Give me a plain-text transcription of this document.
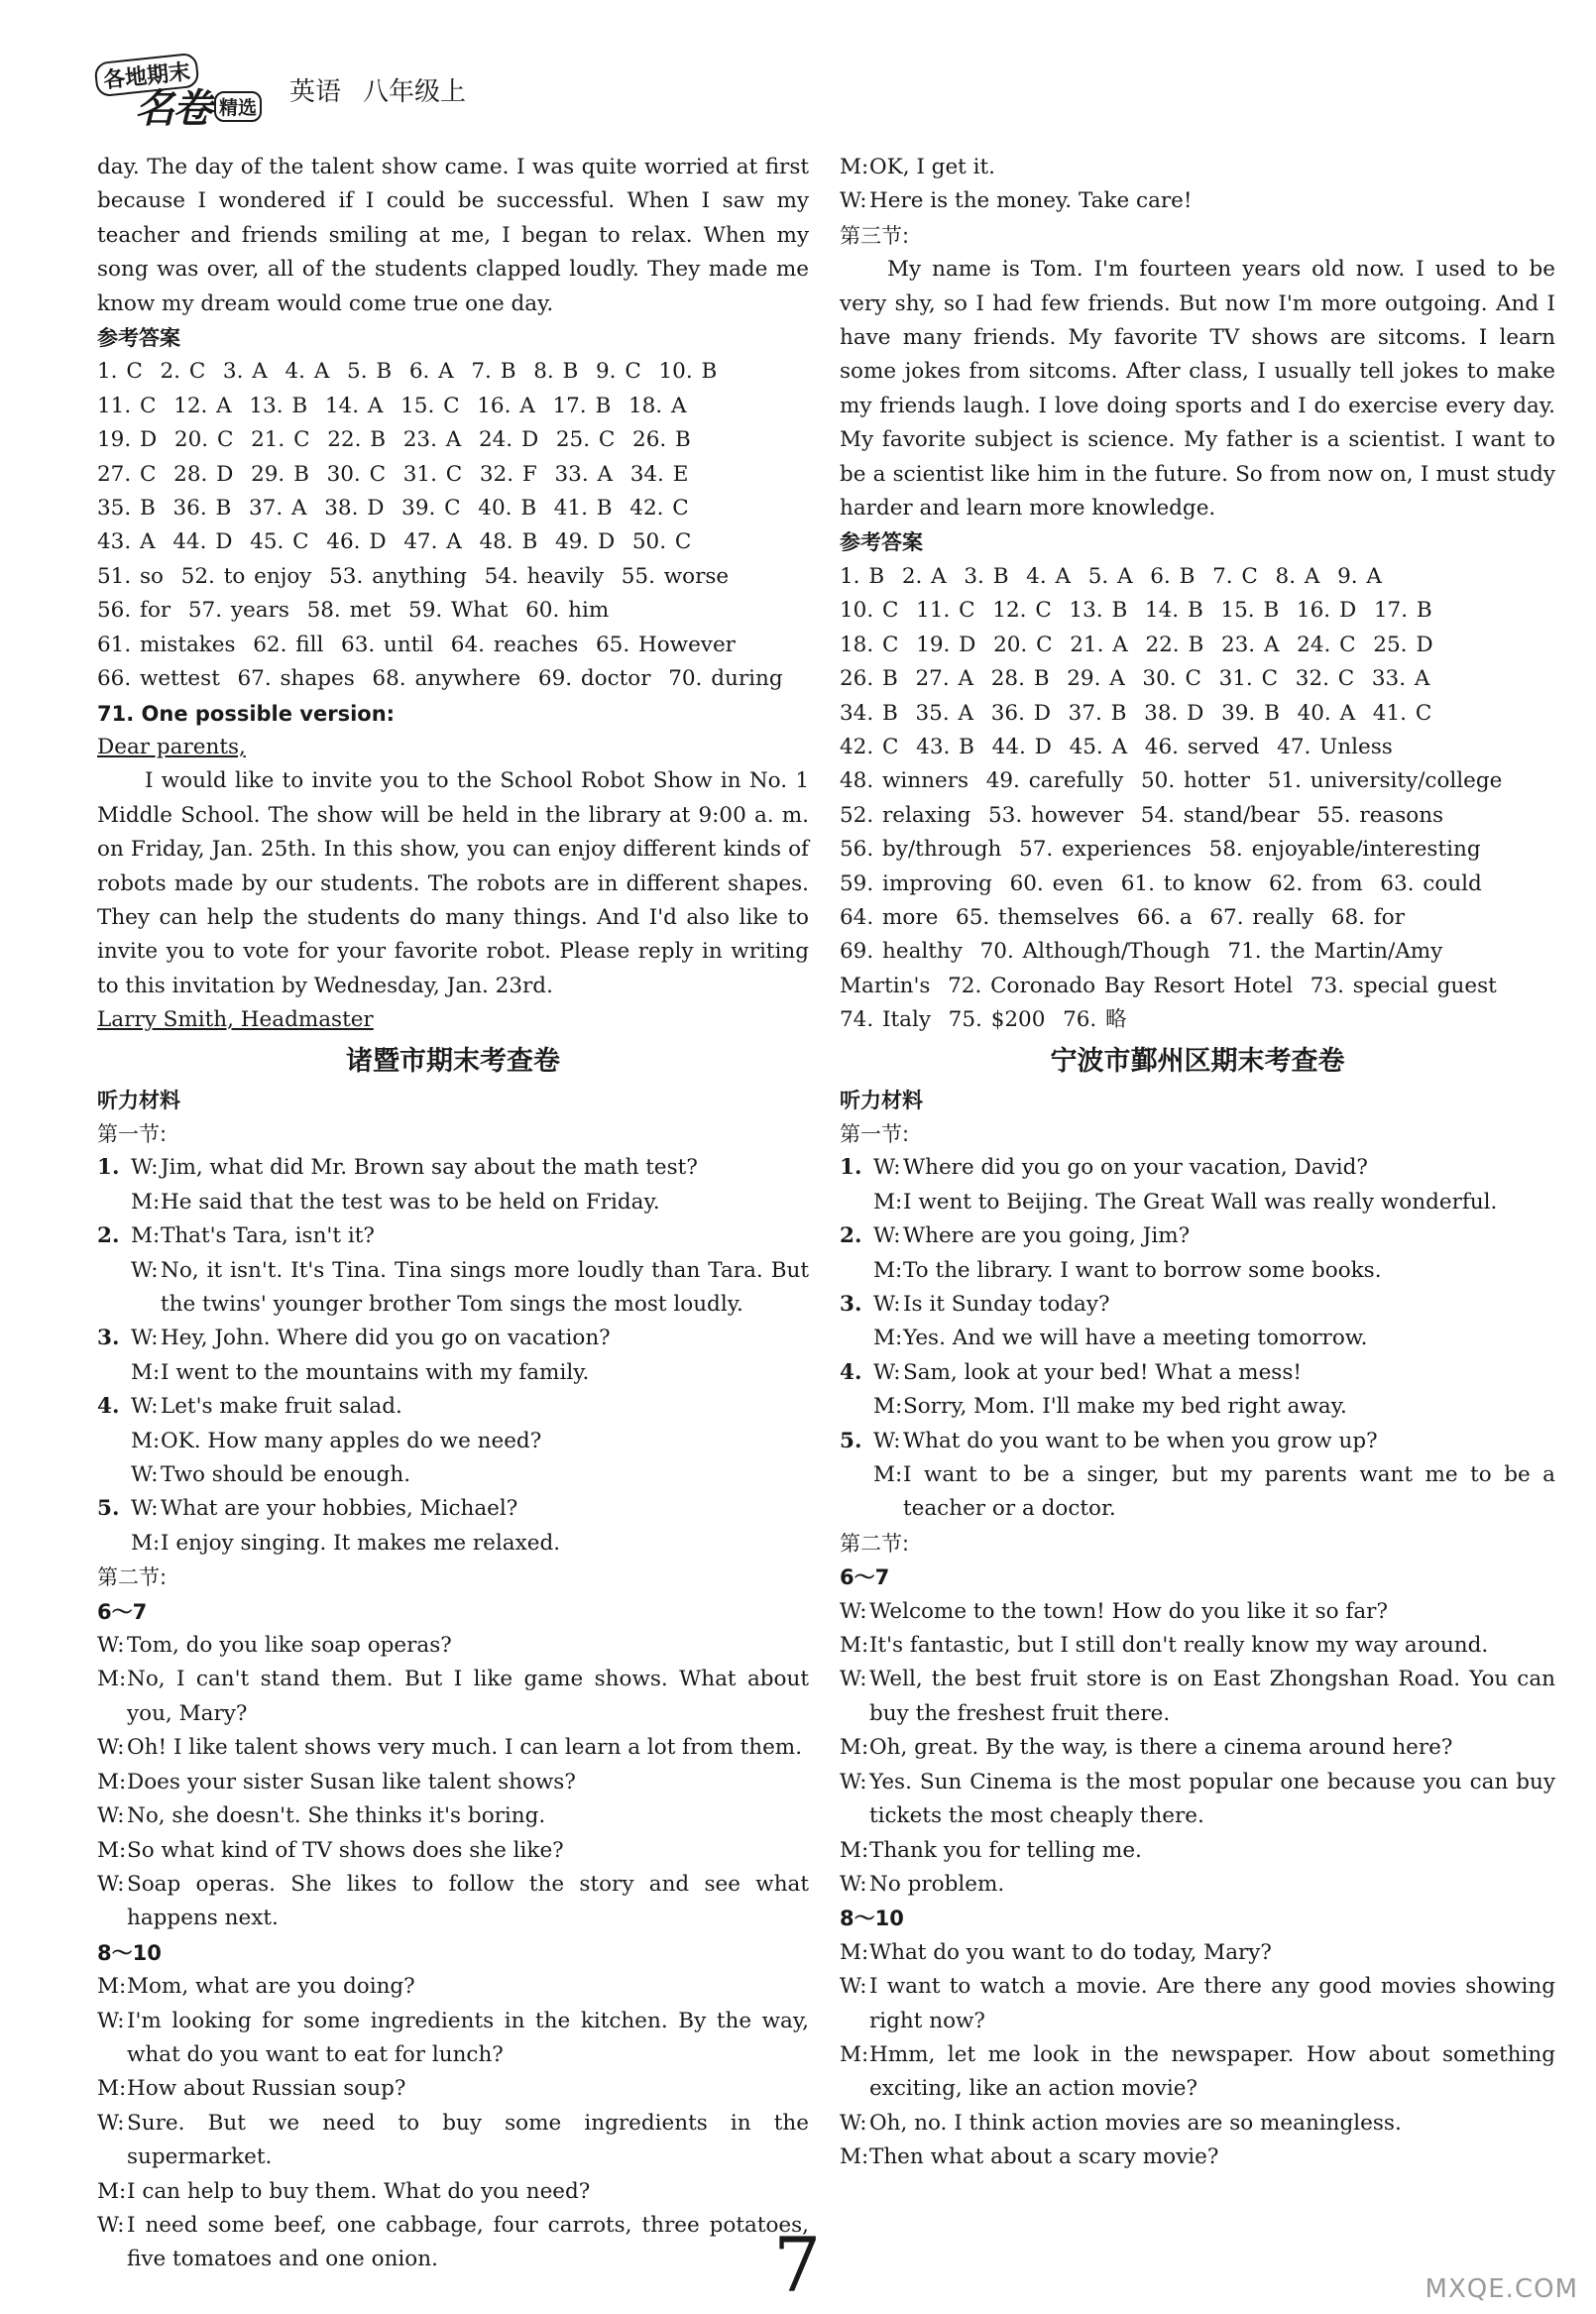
各地期末
名卷 精选
英语 八年级上

day. The day of the talent show came. I was quite worried at first because I wondered if I could be successful. When I saw my teacher and friends smiling at me, I began to relax. When my song was over, all of the students clapped loudly. They made me know my dream would come true one day.

参考答案
1. C  2. C  3. A  4. A  5. B  6. A  7. B  8. B  9. C  10. B
11. C  12. A  13. B  14. A  15. C  16. A  17. B  18. A
19. D  20. C  21. C  22. B  23. A  24. D  25. C  26. B
27. C  28. D  29. B  30. C  31. C  32. F  33. A  34. E
35. B  36. B  37. A  38. D  39. C  40. B  41. B  42. C
43. A  44. D  45. C  46. D  47. A  48. B  49. D  50. C
51. so  52. to enjoy  53. anything  54. heavily  55. worse
56. for  57. years  58. met  59. What  60. him
61. mistakes  62. fill  63. until  64. reaches  65. However
66. wettest  67. shapes  68. anywhere  69. doctor  70. during
71. One possible version:
Dear parents,

I would like to invite you to the School Robot Show in No. 1 Middle School. The show will be held in the library at 9:00 a. m. on Friday, Jan. 25th. In this show, you can enjoy different kinds of robots made by our students. The robots are in different shapes. They can help the students do many things. And I'd also like to invite you to vote for your favorite robot. Please reply in writing to this invitation by Wednesday, Jan. 23rd.

Larry Smith, Headmaster
诸暨市期末考查卷
听力材料
第一节:
1. W: Jim, what did Mr. Brown say about the math test?
M: He said that the test was to be held on Friday.
2. M: That's Tara, isn't it?
W: No, it isn't. It's Tina. Tina sings more loudly than Tara. But the twins' younger brother Tom sings the most loudly.
3. W: Hey, John. Where did you go on vacation?
M: I went to the mountains with my family.
4. W: Let's make fruit salad.
M: OK. How many apples do we need?
W: Two should be enough.
5. W: What are your hobbies, Michael?
M: I enjoy singing. It makes me relaxed.
第二节:
6～7
W: Tom, do you like soap operas?
M: No, I can't stand them. But I like game shows. What about you, Mary?
W: Oh! I like talent shows very much. I can learn a lot from them.
M: Does your sister Susan like talent shows?
W: No, she doesn't. She thinks it's boring.
M: So what kind of TV shows does she like?
W: Soap operas. She likes to follow the story and see what happens next.
8～10
M: Mom, what are you doing?
W: I'm looking for some ingredients in the kitchen. By the way, what do you want to eat for lunch?
M: How about Russian soup?
W: Sure. But we need to buy some ingredients in the supermarket.
M: I can help to buy them. What do you need?
W: I need some beef, one cabbage, four carrots, three potatoes, five tomatoes and one onion.
M: OK, I get it.
W: Here is the money. Take care!
第三节:

My name is Tom. I'm fourteen years old now. I used to be very shy, so I had few friends. But now I'm more outgoing. And I have many friends. My favorite TV shows are sitcoms. I learn some jokes from sitcoms. After class, I usually tell jokes to make my friends laugh. I love doing sports and I do exercise every day. My favorite subject is science. My father is a scientist. I want to be a scientist like him in the future. So from now on, I must study harder and learn more knowledge.

参考答案
1. B  2. A  3. B  4. A  5. A  6. B  7. C  8. A  9. A
10. C  11. C  12. C  13. B  14. B  15. B  16. D  17. B
18. C  19. D  20. C  21. A  22. B  23. A  24. C  25. D
26. B  27. A  28. B  29. A  30. C  31. C  32. C  33. A
34. B  35. A  36. D  37. B  38. D  39. B  40. A  41. C
42. C  43. B  44. D  45. A  46. served  47. Unless
48. winners  49. carefully  50. hotter  51. university/college
52. relaxing  53. however  54. stand/bear  55. reasons
56. by/through  57. experiences  58. enjoyable/interesting
59. improving  60. even  61. to know  62. from  63. could
64. more  65. themselves  66. a  67. really  68. for
69. healthy  70. Although/Though  71. the Martin/Amy
Martin's  72. Coronado Bay Resort Hotel  73. special guest
74. Italy  75. $200  76. 略
宁波市鄞州区期末考查卷
听力材料
第一节:
1. W: Where did you go on your vacation, David?
M: I went to Beijing. The Great Wall was really wonderful.
2. W: Where are you going, Jim?
M: To the library. I want to borrow some books.
3. W: Is it Sunday today?
M: Yes. And we will have a meeting tomorrow.
4. W: Sam, look at your bed! What a mess!
M: Sorry, Mom. I'll make my bed right away.
5. W: What do you want to be when you grow up?
M: I want to be a singer, but my parents want me to be a teacher or a doctor.
第二节:
6～7
W: Welcome to the town! How do you like it so far?
M: It's fantastic, but I still don't really know my way around.
W: Well, the best fruit store is on East Zhongshan Road. You can buy the freshest fruit there.
M: Oh, great. By the way, is there a cinema around here?
W: Yes. Sun Cinema is the most popular one because you can buy tickets the most cheaply there.
M: Thank you for telling me.
W: No problem.
8～10
M: What do you want to do today, Mary?
W: I want to watch a movie. Are there any good movies showing right now?
M: Hmm, let me look in the newspaper. How about something exciting, like an action movie?
W: Oh, no. I think action movies are so meaningless.
M: Then what about a scary movie?
7	MXQE.COM
